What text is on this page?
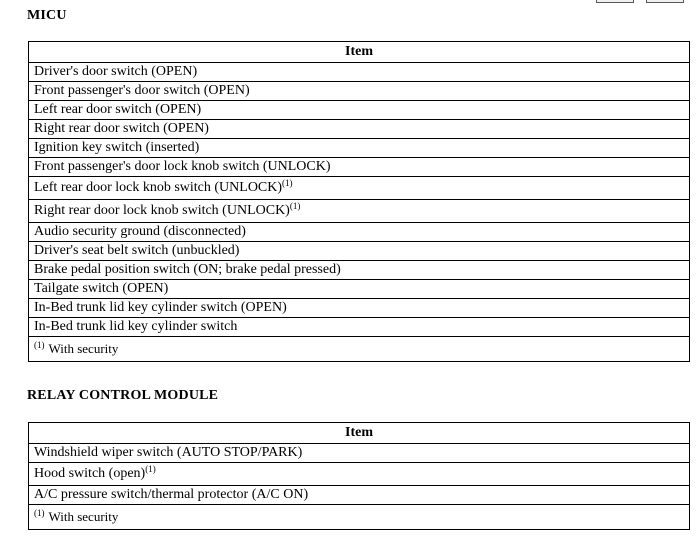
MICU
Item
Driver's door switch (OPEN)
Front passenger's door switch (OPEN)
Left rear door switch (OPEN)
Right rear door switch (OPEN)
Ignition key switch (inserted)
Front passenger's door lock knob switch (UNLOCK)
Left rear door lock knob switch (UNLOCK)$^{(1)}$
Right rear door lock knob switch (UNLOCK)$^{(1)}$
Audio security ground (disconnected)
Driver's seat belt switch (unbuckled)
Brake pedal position switch (ON; brake pedal pressed)
Tailgate switch (OPEN)
In-Bed trunk lid key cylinder switch (OPEN)
In-Bed trunk lid key cylinder switch
$^{(1)}$ With security
RELAY CONTROL MODULE
Item
Windshield wiper switch (AUTO STOP/PARK)
Hood switch (open)$^{(1)}$
A/C pressure switch/thermal protector (A/C ON)
$^{(1)}$ With security
